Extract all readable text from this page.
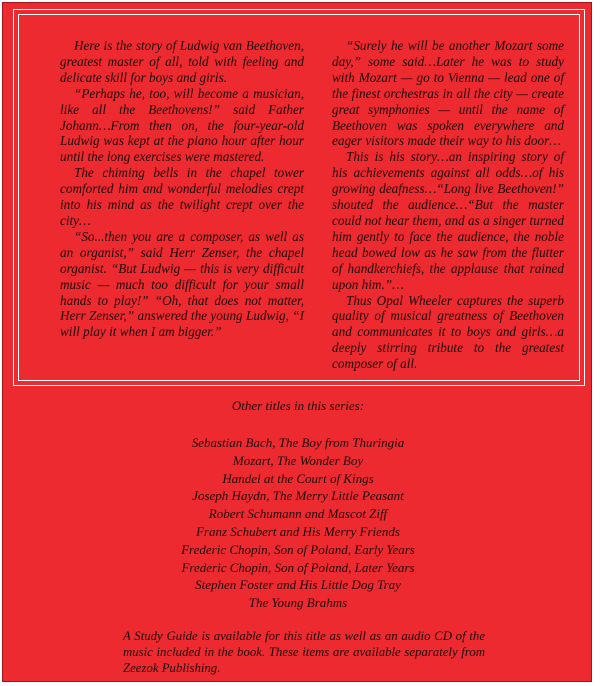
Here is the story of Ludwig van Beethoven, greatest master of all, told with feeling and delicate skill for boys and girls.

“Perhaps he, too, will become a musician, like all the Beethovens!” said Father Johann…From then on, the four-year-old Ludwig was kept at the piano hour after hour until the long exercises were mastered.

The chiming bells in the chapel tower comforted him and wonderful melodies crept into his mind as the twilight crept over the city…

“So...then you are a composer, as well as an organist,” said Herr Zenser, the chapel organist. “But Ludwig — this is very difficult music — much too difficult for your small hands to play!” “Oh, that does not matter, Herr Zenser,” answered the young Ludwig, “I will play it when I am bigger.”

“Surely he will be another Mozart some day,” some said…Later he was to study with Mozart — go to Vienna — lead one of the finest orchestras in all the city — create great symphonies — until the name of Beethoven was spoken everywhere and eager visitors made their way to his door…

This is his story…an inspiring story of his achievements against all odds…of his growing deafness…“Long live Beethoven!” shouted the audience…“But the master could not hear them, and as a singer turned him gently to face the audience, the noble head bowed low as he saw from the flutter of handkerchiefs, the applause that rained upon him.”…

Thus Opal Wheeler captures the superb quality of musical greatness of Beethoven and communicates it to boys and girls…a deeply stirring tribute to the greatest composer of all.

Other titles in this series:

Sebastian Bach, The Boy from Thuringia
Mozart, The Wonder Boy
Handel at the Court of Kings
Joseph Haydn, The Merry Little Peasant
Robert Schumann and Mascot Ziff
Franz Schubert and His Merry Friends
Frederic Chopin, Son of Poland, Early Years
Frederic Chopin, Son of Poland, Later Years
Stephen Foster and His Little Dog Tray
The Young Brahms

A Study Guide is available for this title as well as an audio CD of the music included in the book. These items are available separately from Zeezok Publishing.
